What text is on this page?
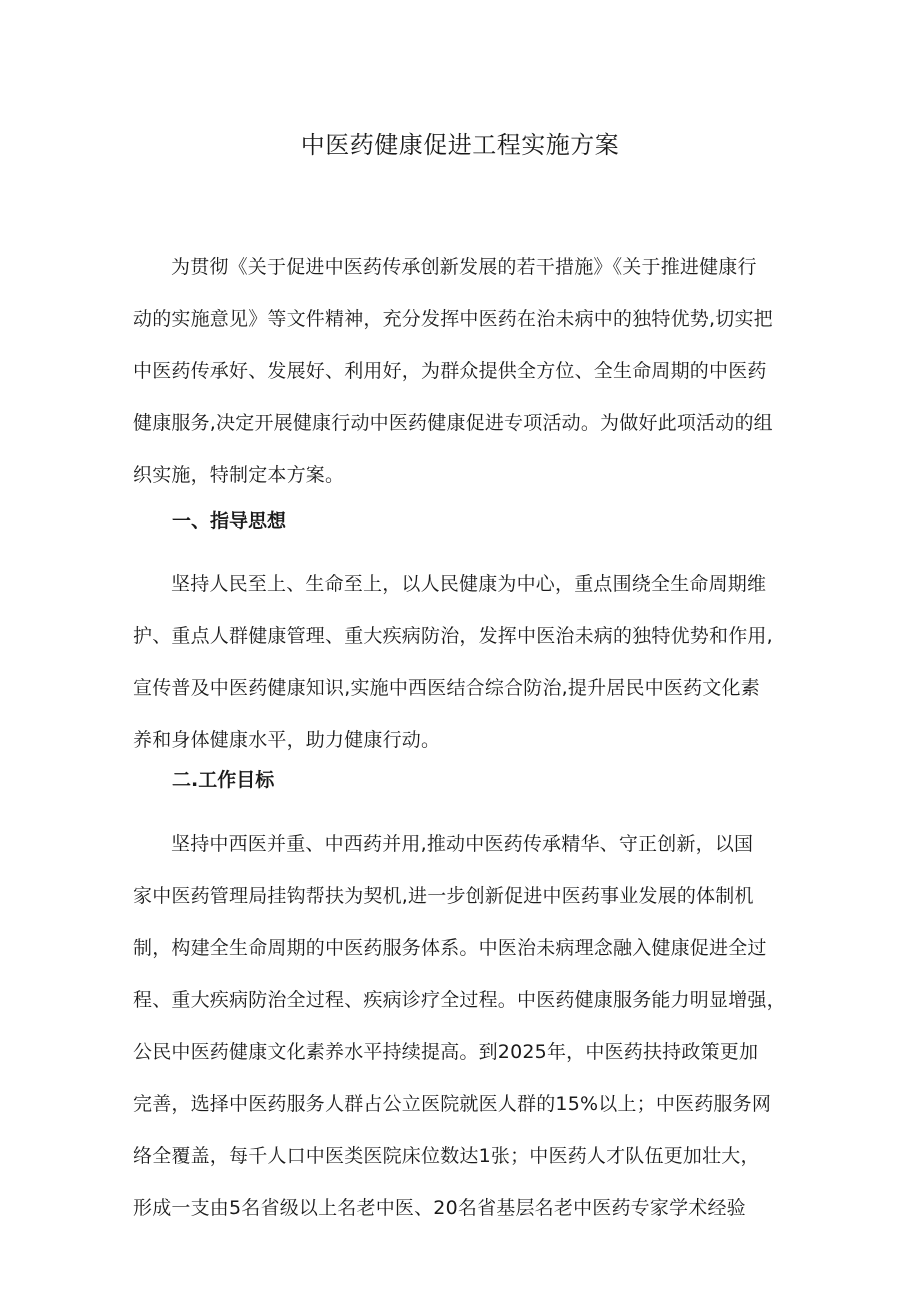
中医药健康促进工程实施方案

为贯彻《关于促进中医药传承创新发展的若干措施》《关于推进健康行
动的实施意见》等文件精神，充分发挥中医药在治未病中的独特优势,切实把
中医药传承好、发展好、利用好，为群众提供全方位、全生命周期的中医药
健康服务,决定开展健康行动中医药健康促进专项活动。为做好此项活动的组
织实施，特制定本方案。

一、指导思想

坚持人民至上、生命至上，以人民健康为中心，重点围绕全生命周期维
护、重点人群健康管理、重大疾病防治，发挥中医治未病的独特优势和作用,
宣传普及中医药健康知识,实施中西医结合综合防治,提升居民中医药文化素
养和身体健康水平，助力健康行动。

二.工作目标

坚持中西医并重、中西药并用,推动中医药传承精华、守正创新，以国
家中医药管理局挂钩帮扶为契机,进一步创新促进中医药事业发展的体制机
制，构建全生命周期的中医药服务体系。中医治未病理念融入健康促进全过
程、重大疾病防治全过程、疾病诊疗全过程。中医药健康服务能力明显增强，
公民中医药健康文化素养水平持续提高。到2025年，中医药扶持政策更加
完善，选择中医药服务人群占公立医院就医人群的15%以上；中医药服务网
络全覆盖，每千人口中医类医院床位数达1张；中医药人才队伍更加壮大，
形成一支由5名省级以上名老中医、20名省基层名老中医药专家学术经验
